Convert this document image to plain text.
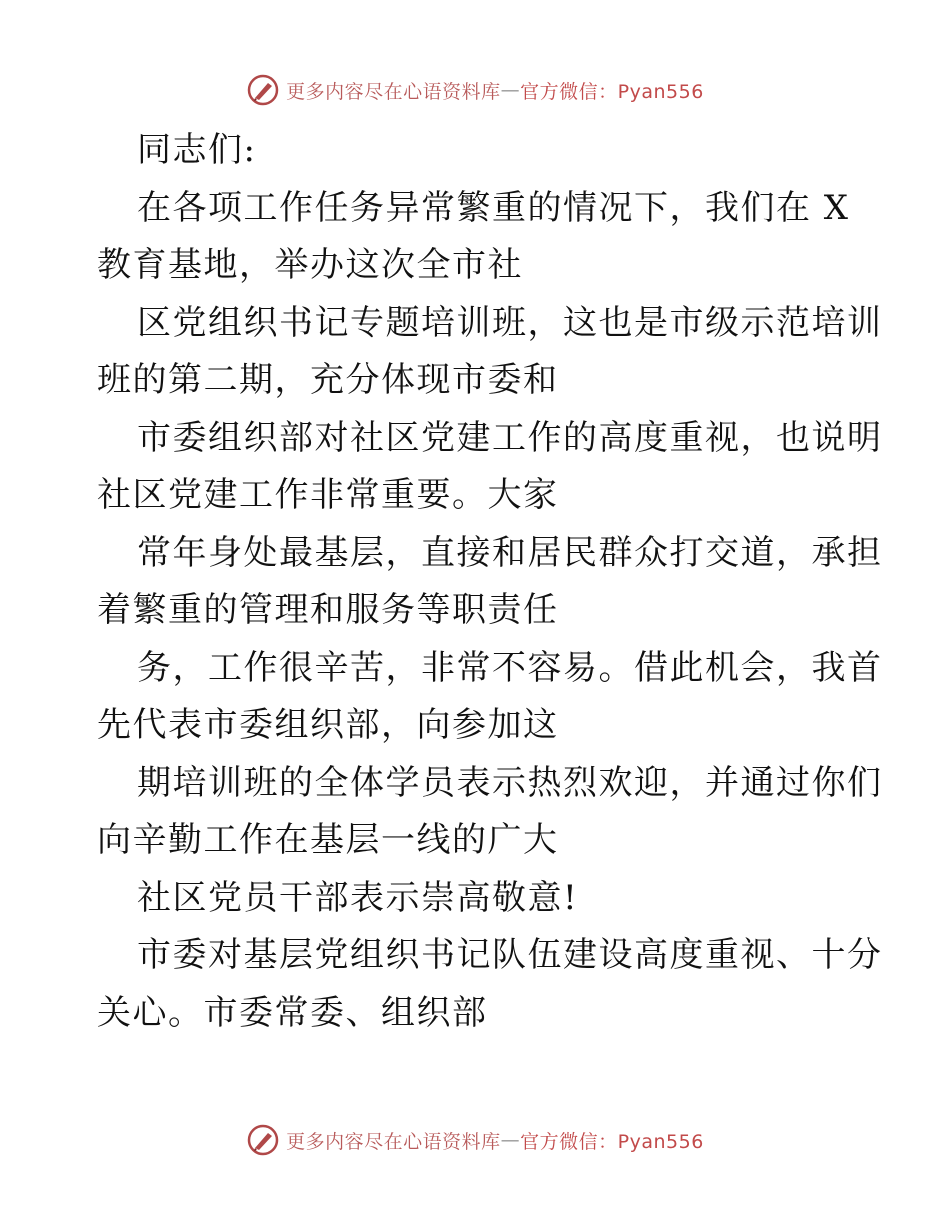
更多内容尽在心语资料库 — 官方微信：Pyan556
同志们:
在各项工作任务异常繁重的情况下，我们在 X
教育基地，举办这次全市社
区党组织书记专题培训班，这也是市级示范培训
班的第二期，充分体现市委和
市委组织部对社区党建工作的高度重视，也说明
社区党建工作非常重要。大家
常年身处最基层，直接和居民群众打交道，承担
着繁重的管理和服务等职责任
务，工作很辛苦，非常不容易。借此机会，我首
先代表市委组织部，向参加这
期培训班的全体学员表示热烈欢迎，并通过你们
向辛勤工作在基层一线的广大
社区党员干部表示崇高敬意!
市委对基层党组织书记队伍建设高度重视、十分
关心。市委常委、组织部
更多内容尽在心语资料库 — 官方微信：Pyan556
